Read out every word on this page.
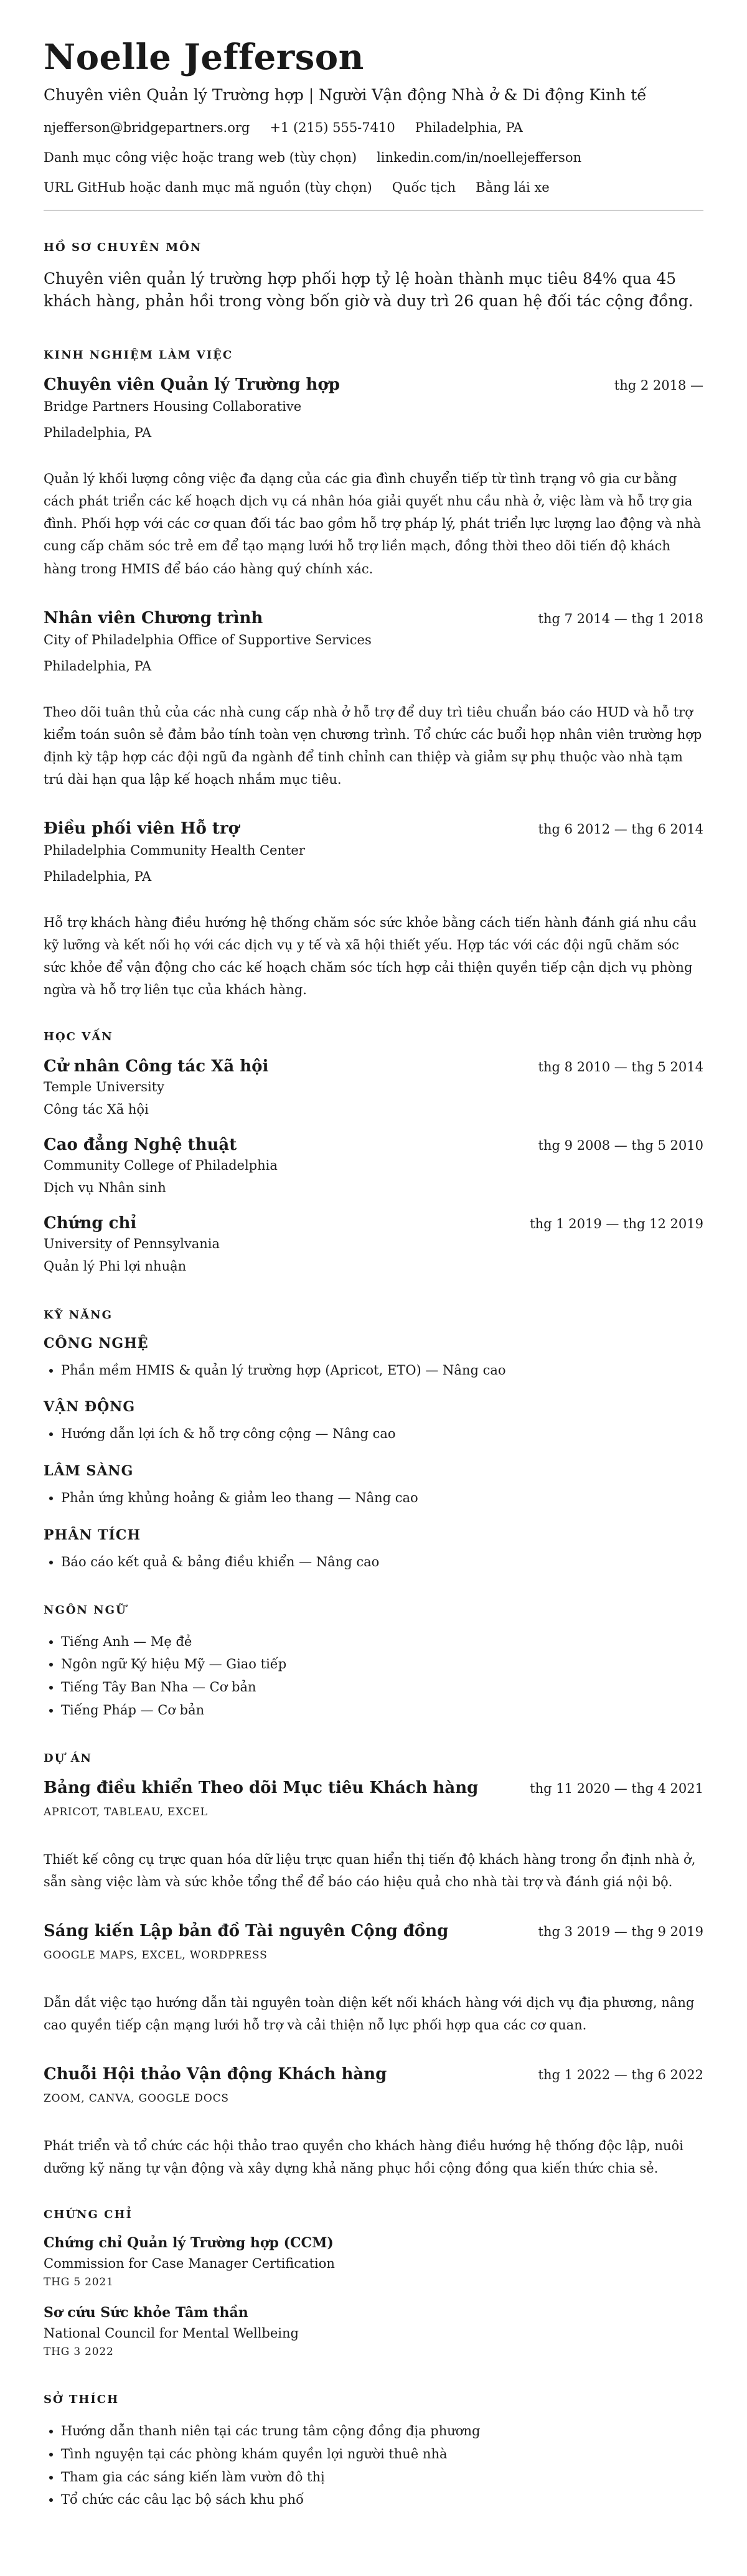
Noelle Jefferson
Chuyên viên Quản lý Trường hợp | Người Vận động Nhà ở & Di động Kinh tế
njefferson@bridgepartners.org +1 (215) 555-7410 Philadelphia, PA
Danh mục công việc hoặc trang web (tùy chọn) linkedin.com/in/noellejefferson
URL GitHub hoặc danh mục mã nguồn (tùy chọn) Quốc tịch Bằng lái xe
HỒ SƠ CHUYÊN MÔN
Chuyên viên quản lý trường hợp phối hợp tỷ lệ hoàn thành mục tiêu 84% qua 45 khách hàng, phản hồi trong vòng bốn giờ và duy trì 26 quan hệ đối tác cộng đồng.
KINH NGHIỆM LÀM VIỆC
Chuyên viên Quản lý Trường hợp	thg 2 2018 —
Bridge Partners Housing Collaborative
Philadelphia, PA
Quản lý khối lượng công việc đa dạng của các gia đình chuyển tiếp từ tình trạng vô gia cư bằng cách phát triển các kế hoạch dịch vụ cá nhân hóa giải quyết nhu cầu nhà ở, việc làm và hỗ trợ gia đình. Phối hợp với các cơ quan đối tác bao gồm hỗ trợ pháp lý, phát triển lực lượng lao động và nhà cung cấp chăm sóc trẻ em để tạo mạng lưới hỗ trợ liền mạch, đồng thời theo dõi tiến độ khách hàng trong HMIS để báo cáo hàng quý chính xác.
Nhân viên Chương trình	thg 7 2014 — thg 1 2018
City of Philadelphia Office of Supportive Services
Philadelphia, PA
Theo dõi tuân thủ của các nhà cung cấp nhà ở hỗ trợ để duy trì tiêu chuẩn báo cáo HUD và hỗ trợ kiểm toán suôn sẻ đảm bảo tính toàn vẹn chương trình. Tổ chức các buổi họp nhân viên trường hợp định kỳ tập hợp các đội ngũ đa ngành để tinh chỉnh can thiệp và giảm sự phụ thuộc vào nhà tạm trú dài hạn qua lập kế hoạch nhắm mục tiêu.
Điều phối viên Hỗ trợ	thg 6 2012 — thg 6 2014
Philadelphia Community Health Center
Philadelphia, PA
Hỗ trợ khách hàng điều hướng hệ thống chăm sóc sức khỏe bằng cách tiến hành đánh giá nhu cầu kỹ lưỡng và kết nối họ với các dịch vụ y tế và xã hội thiết yếu. Hợp tác với các đội ngũ chăm sóc sức khỏe để vận động cho các kế hoạch chăm sóc tích hợp cải thiện quyền tiếp cận dịch vụ phòng ngừa và hỗ trợ liên tục của khách hàng.
HỌC VẤN
Cử nhân Công tác Xã hội	thg 8 2010 — thg 5 2014
Temple University
Công tác Xã hội
Cao đẳng Nghệ thuật	thg 9 2008 — thg 5 2010
Community College of Philadelphia
Dịch vụ Nhân sinh
Chứng chỉ	thg 1 2019 — thg 12 2019
University of Pennsylvania
Quản lý Phi lợi nhuận
KỸ NĂNG
CÔNG NGHỆ
• Phần mềm HMIS & quản lý trường hợp (Apricot, ETO) — Nâng cao
VẬN ĐỘNG
• Hướng dẫn lợi ích & hỗ trợ công cộng — Nâng cao
LÂM SÀNG
• Phản ứng khủng hoảng & giảm leo thang — Nâng cao
PHÂN TÍCH
• Báo cáo kết quả & bảng điều khiển — Nâng cao
NGÔN NGỮ
• Tiếng Anh — Mẹ đẻ
• Ngôn ngữ Ký hiệu Mỹ — Giao tiếp
• Tiếng Tây Ban Nha — Cơ bản
• Tiếng Pháp — Cơ bản
DỰ ÁN
Bảng điều khiển Theo dõi Mục tiêu Khách hàng	thg 11 2020 — thg 4 2021
APRICOT, TABLEAU, EXCEL
Thiết kế công cụ trực quan hóa dữ liệu trực quan hiển thị tiến độ khách hàng trong ổn định nhà ở, sẵn sàng việc làm và sức khỏe tổng thể để báo cáo hiệu quả cho nhà tài trợ và đánh giá nội bộ.
Sáng kiến Lập bản đồ Tài nguyên Cộng đồng	thg 3 2019 — thg 9 2019
GOOGLE MAPS, EXCEL, WORDPRESS
Dẫn dắt việc tạo hướng dẫn tài nguyên toàn diện kết nối khách hàng với dịch vụ địa phương, nâng cao quyền tiếp cận mạng lưới hỗ trợ và cải thiện nỗ lực phối hợp qua các cơ quan.
Chuỗi Hội thảo Vận động Khách hàng	thg 1 2022 — thg 6 2022
ZOOM, CANVA, GOOGLE DOCS
Phát triển và tổ chức các hội thảo trao quyền cho khách hàng điều hướng hệ thống độc lập, nuôi dưỡng kỹ năng tự vận động và xây dựng khả năng phục hồi cộng đồng qua kiến thức chia sẻ.
CHỨNG CHỈ
Chứng chỉ Quản lý Trường hợp (CCM)
Commission for Case Manager Certification
THG 5 2021
Sơ cứu Sức khỏe Tâm thần
National Council for Mental Wellbeing
THG 3 2022
SỞ THÍCH
• Hướng dẫn thanh niên tại các trung tâm cộng đồng địa phương
• Tình nguyện tại các phòng khám quyền lợi người thuê nhà
• Tham gia các sáng kiến làm vườn đô thị
• Tổ chức các câu lạc bộ sách khu phố
